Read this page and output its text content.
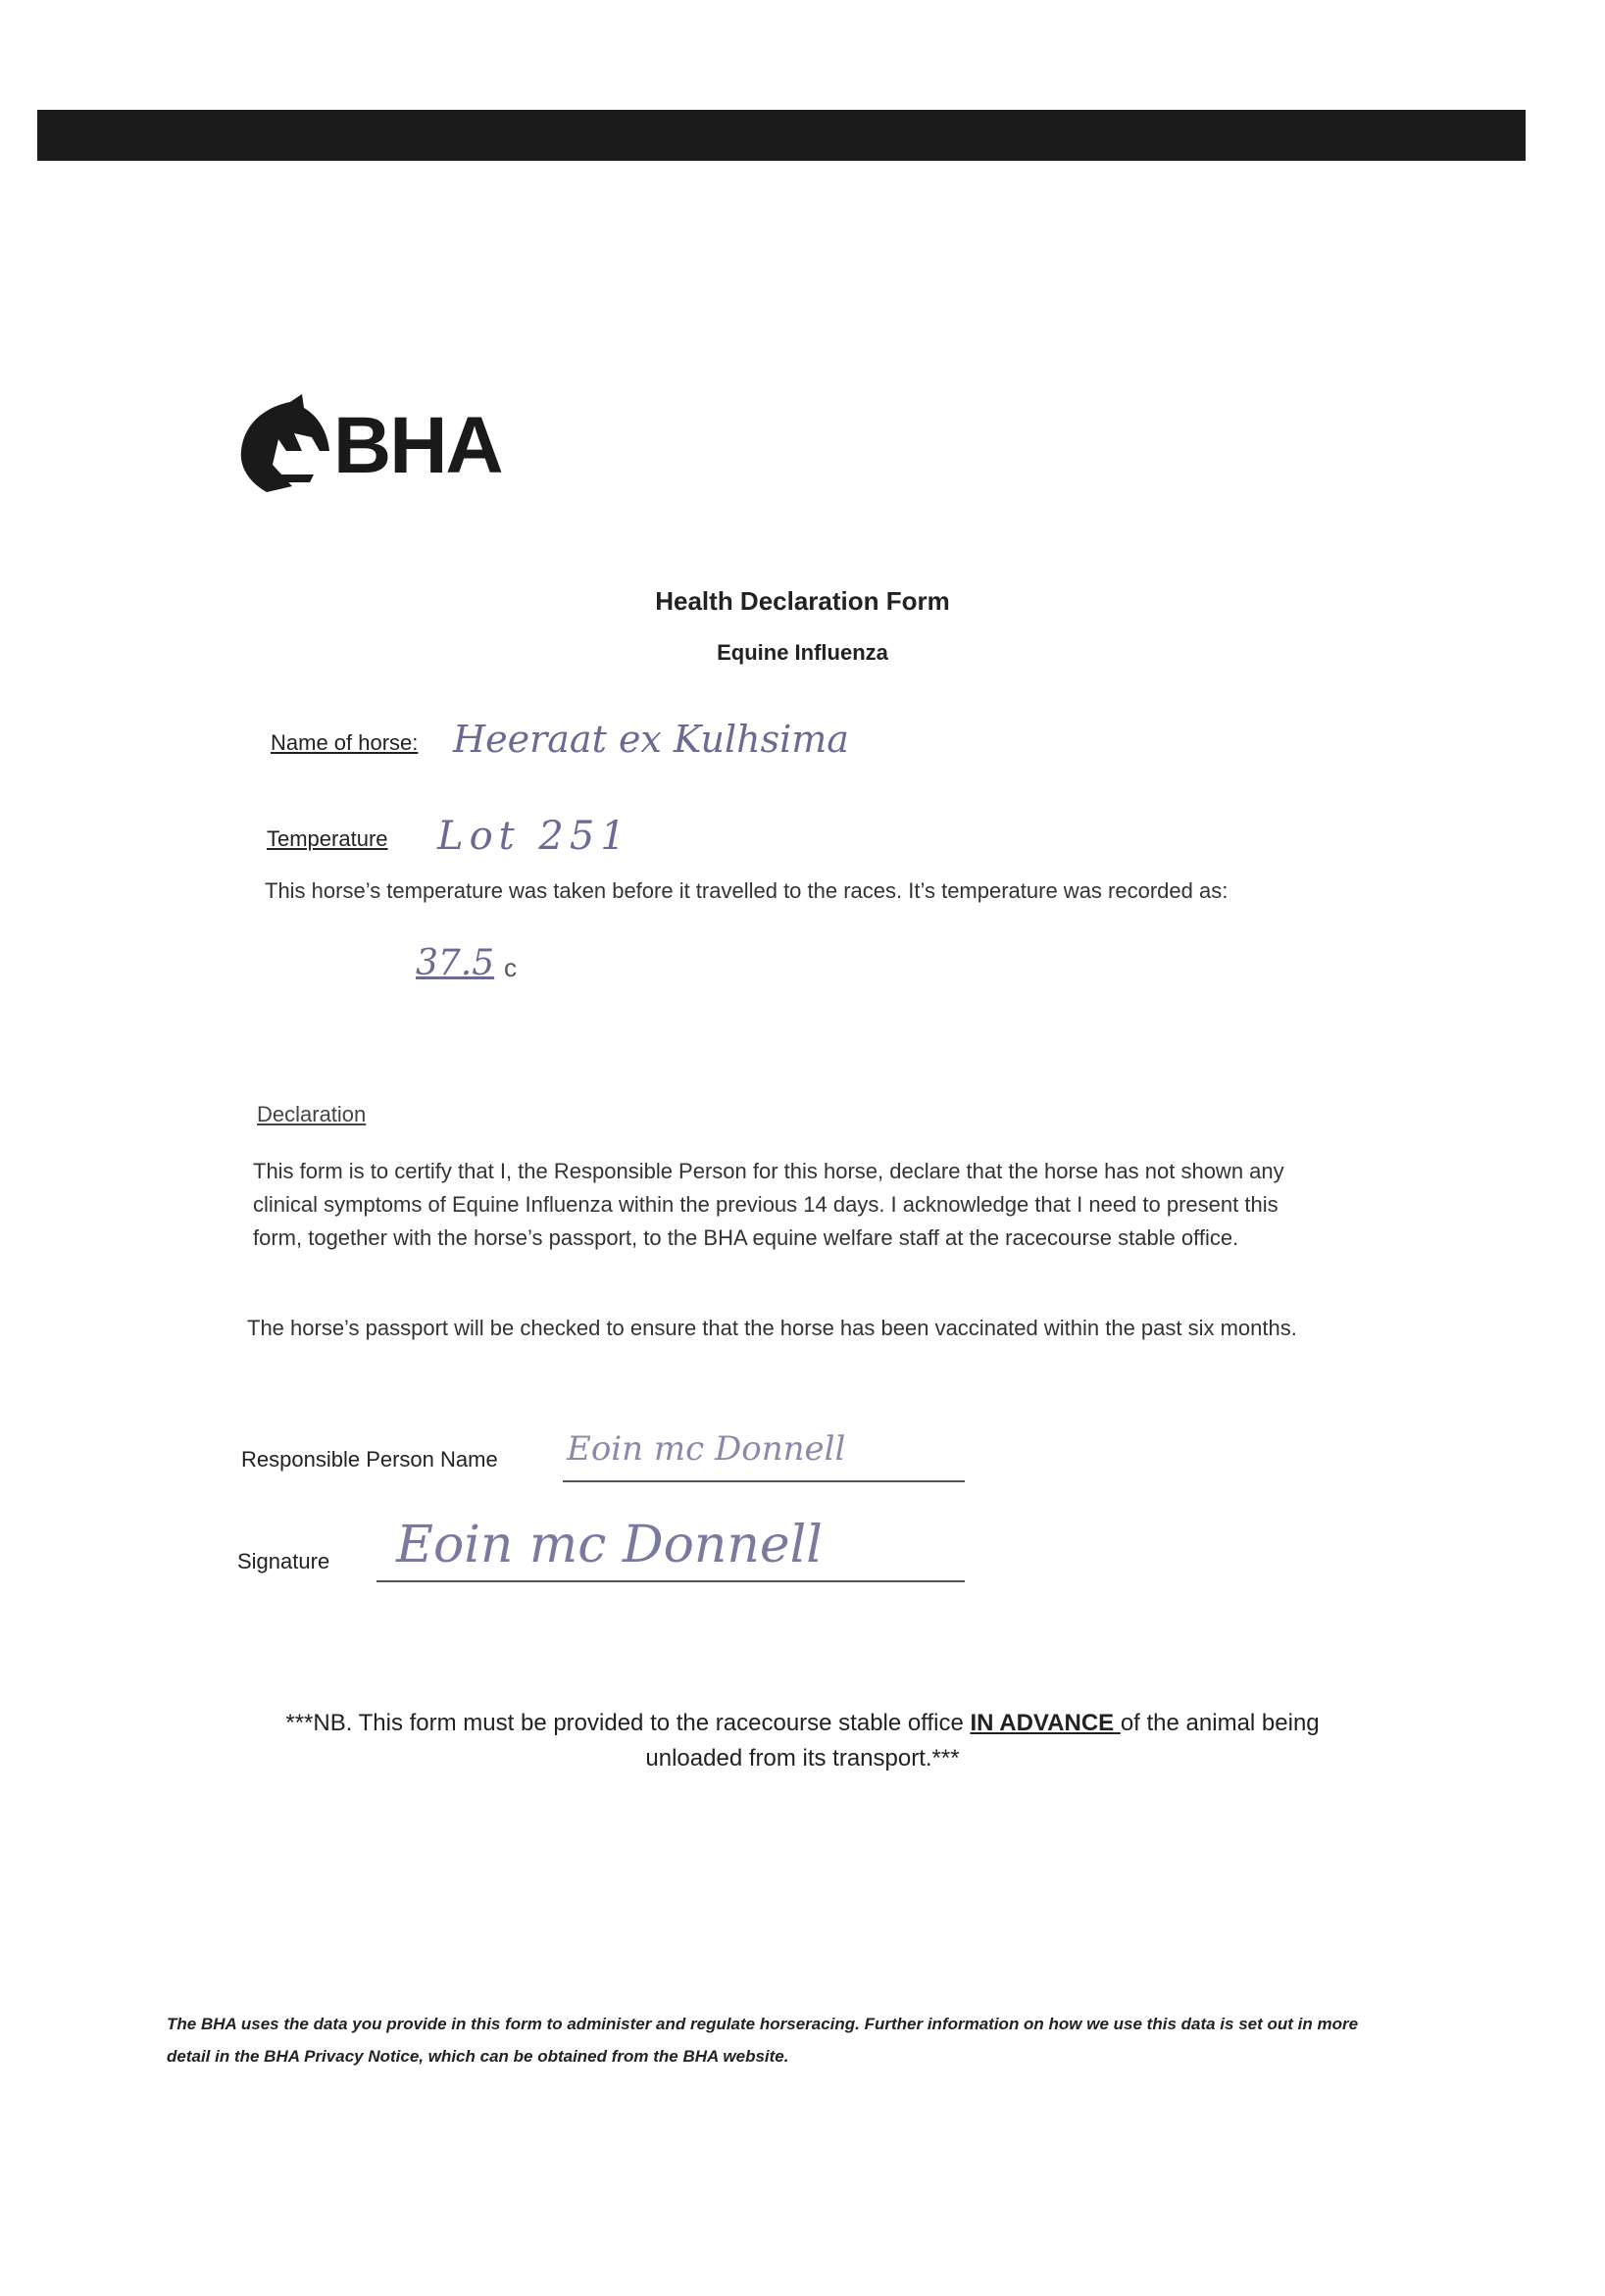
BHA
Health Declaration Form
Equine Influenza
Name of horse: Heeraat ex Kulhsima
Temperature Lot 251
This horse’s temperature was taken before it travelled to the races. It’s temperature was recorded as:
37.5 c
Declaration
This form is to certify that I, the Responsible Person for this horse, declare that the horse has not shown any clinical symptoms of Equine Influenza within the previous 14 days. I acknowledge that I need to present this form, together with the horse’s passport, to the BHA equine welfare staff at the racecourse stable office.
The horse’s passport will be checked to ensure that the horse has been vaccinated within the past six months.
Responsible Person Name Eoin mc Donnell
Signature Eoin mc Donnell
***NB. This form must be provided to the racecourse stable office IN ADVANCE of the animal being unloaded from its transport.***
The BHA uses the data you provide in this form to administer and regulate horseracing. Further information on how we use this data is set out in more detail in the BHA Privacy Notice, which can be obtained from the BHA website.
